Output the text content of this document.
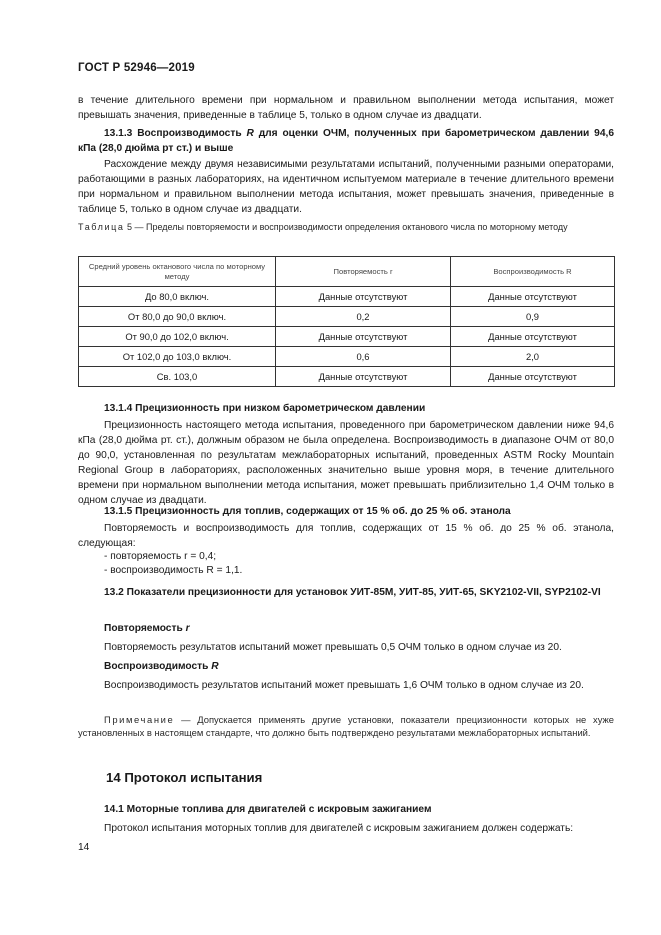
ГОСТ Р 52946—2019
в течение длительного времени при нормальном и правильном выполнении метода испытания, может превышать значения, приведенные в таблице 5, только в одном случае из двадцати.
13.1.3 Воспроизводимость R для оценки ОЧМ, полученных при барометрическом давлении 94,6 кПа (28,0 дюйма рт ст.) и выше
Расхождение между двумя независимыми результатами испытаний, полученными разными операторами, работающими в разных лабораториях, на идентичном испытуемом материале в течение длительного времени при нормальном и правильном выполнении метода испытания, может превышать значения, приведенные в таблице 5, только в одном случае из двадцати.
Таблица 5 — Пределы повторяемости и воспроизводимости определения октанового числа по моторному методу
Средний уровень октанового числа по моторному методу	Повторяемость r	Воспроизводимость R
До 80,0 включ.	Данные отсутствуют	Данные отсутствуют
От 80,0 до 90,0 включ.	0,2	0,9
От 90,0 до 102,0 включ.	Данные отсутствуют	Данные отсутствуют
От 102,0 до 103,0 включ.	0,6	2,0
Св. 103,0	Данные отсутствуют	Данные отсутствуют
13.1.4 Прецизионность при низком барометрическом давлении
Прецизионность настоящего метода испытания, проведенного при барометрическом давлении ниже 94,6 кПа (28,0 дюйма рт. ст.), должным образом не была определена. Воспроизводимость в диапазоне ОЧМ от 80,0 до 90,0, установленная по результатам межлабораторных испытаний, проведенных ASTM Rocky Mountain Regional Group в лабораториях, расположенных значительно выше уровня моря, в течение длительного времени при нормальном выполнении метода испытания, может превышать приблизительно 1,4 ОЧМ только в одном случае из двадцати.
13.1.5 Прецизионность для топлив, содержащих от 15 % об. до 25 % об. этанола
Повторяемость и воспроизводимость для топлив, содержащих от 15 % об. до 25 % об. этанола, следующая:
- повторяемость r = 0,4;
- воспроизводимость R = 1,1.
13.2 Показатели прецизионности для установок УИТ-85М, УИТ-85, УИТ-65, SKY2102-VII, SYP2102-VI
Повторяемость r
Повторяемость результатов испытаний может превышать 0,5 ОЧМ только в одном случае из 20.
Воспроизводимость R
Воспроизводимость результатов испытаний может превышать 1,6 ОЧМ только в одном случае из 20.
Примечание — Допускается применять другие установки, показатели прецизионности которых не хуже установленных в настоящем стандарте, что должно быть подтверждено результатами межлабораторных испытаний.
14 Протокол испытания
14.1 Моторные топлива для двигателей с искровым зажиганием
Протокол испытания моторных топлив для двигателей с искровым зажиганием должен содержать:
14
